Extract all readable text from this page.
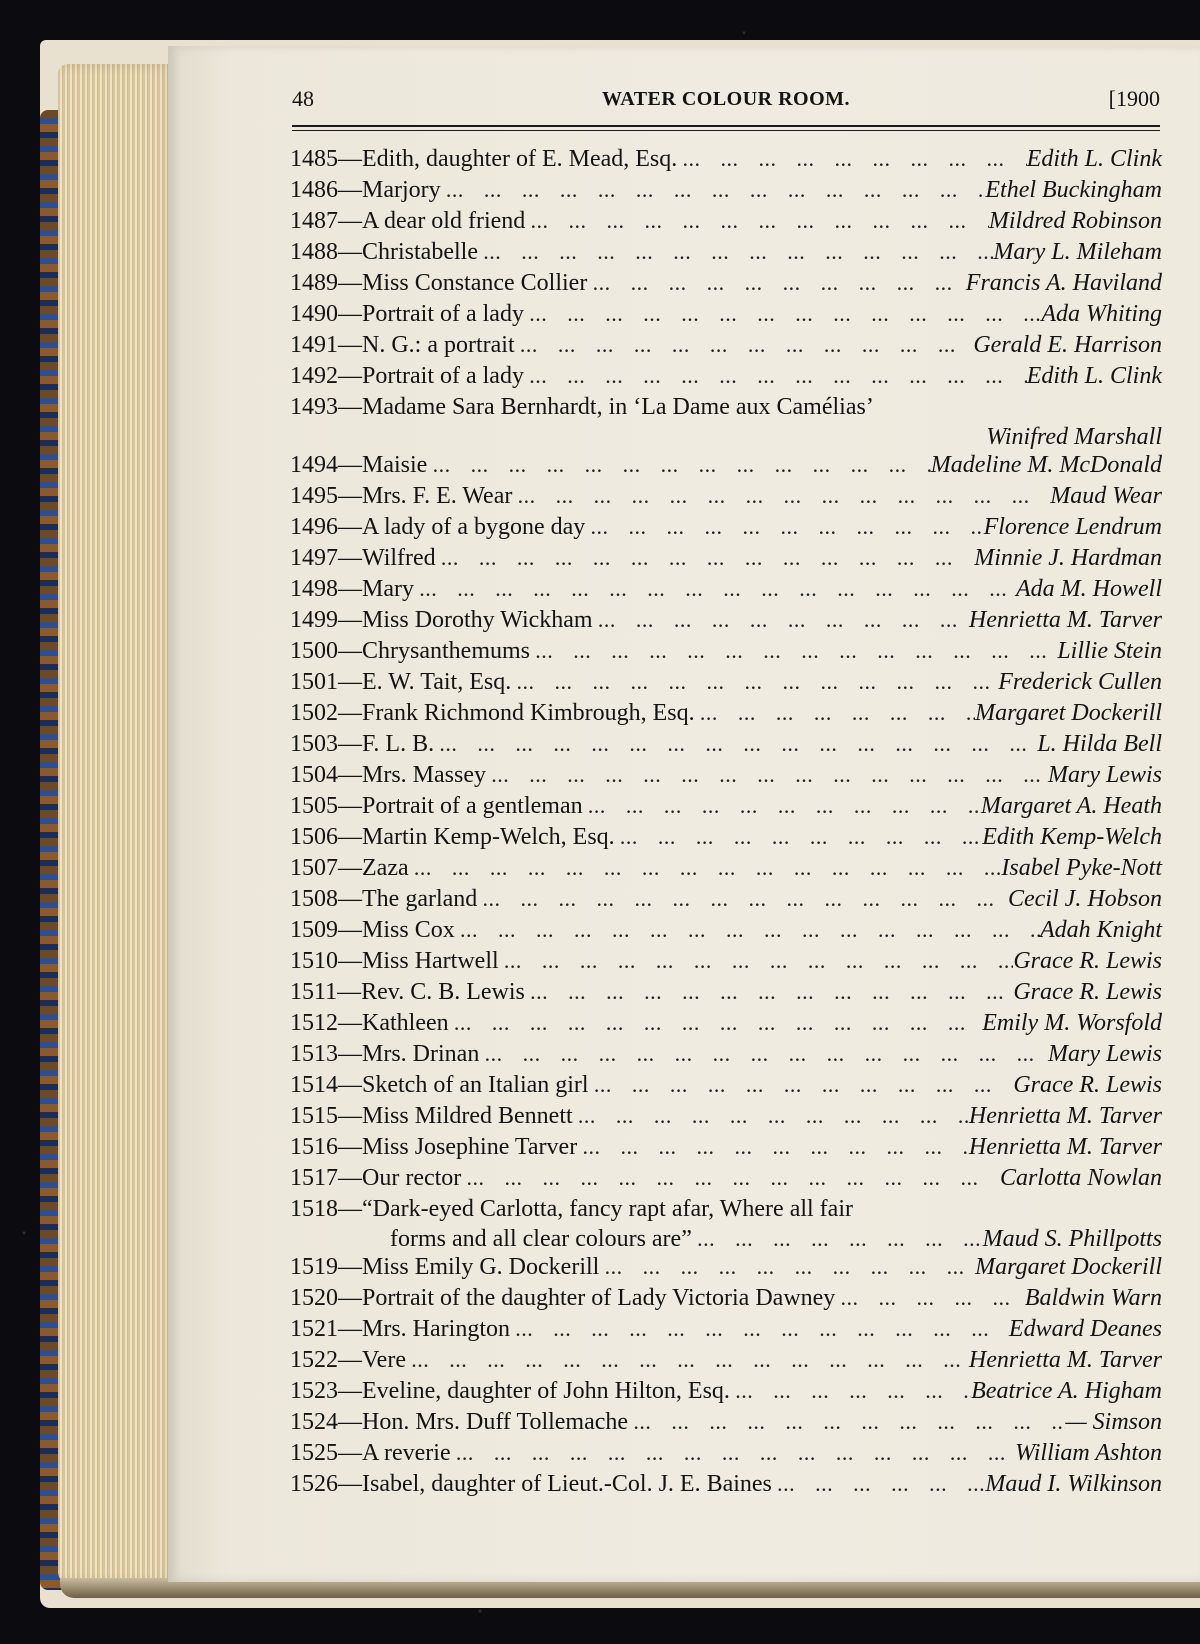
48	WATER COLOUR ROOM.	[1900
1485 — Edith, daughter of E. Mead, Esq. ...	Edith L. Clink
1486 — Marjory ...	Ethel Buckingham
1487 — A dear old friend ...	Mildred Robinson
1488 — Christabelle ...	Mary L. Mileham
1489 — Miss Constance Collier ...	Francis A. Haviland
1490 — Portrait of a lady ...	Ada Whiting
1491 — N. G.: a portrait ...	Gerald E. Harrison
1492 — Portrait of a lady ...	Edith L. Clink
1493 — Madame Sara Bernhardt, in ‘La Dame aux Camélias’
Winifred Marshall
1494 — Maisie ...	Madeline M. McDonald
1495 — Mrs. F. E. Wear ...	Maud Wear
1496 — A lady of a bygone day ...	Florence Lendrum
1497 — Wilfred ...	Minnie J. Hardman
1498 — Mary ...	Ada M. Howell
1499 — Miss Dorothy Wickham ...	Henrietta M. Tarver
1500 — Chrysanthemums ...	Lillie Stein
1501 — E. W. Tait, Esq. ...	Frederick Cullen
1502 — Frank Richmond Kimbrough, Esq. ...	Margaret Dockerill
1503 — F. L. B. ...	L. Hilda Bell
1504 — Mrs. Massey ...	Mary Lewis
1505 — Portrait of a gentleman ...	Margaret A. Heath
1506 — Martin Kemp-Welch, Esq. ...	Edith Kemp-Welch
1507 — Zaza ...	Isabel Pyke-Nott
1508 — The garland ...	Cecil J. Hobson
1509 — Miss Cox ...	Adah Knight
1510 — Miss Hartwell ...	Grace R. Lewis
1511 — Rev. C. B. Lewis ...	Grace R. Lewis
1512 — Kathleen ...	Emily M. Worsfold
1513 — Mrs. Drinan ...	Mary Lewis
1514 — Sketch of an Italian girl ...	Grace R. Lewis
1515 — Miss Mildred Bennett ...	Henrietta M. Tarver
1516 — Miss Josephine Tarver ...	Henrietta M. Tarver
1517 — Our rector ...	Carlotta Nowlan
1518 — “Dark-eyed Carlotta, fancy rapt afar, Where all fair
forms and all clear colours are” ...	Maud S. Phillpotts
1519 — Miss Emily G. Dockerill ...	Margaret Dockerill
1520 — Portrait of the daughter of Lady Victoria Dawney ...	Baldwin Warn
1521 — Mrs. Harington ...	Edward Deanes
1522 — Vere ...	Henrietta M. Tarver
1523 — Eveline, daughter of John Hilton, Esq. ...	Beatrice A. Higham
1524 — Hon. Mrs. Duff Tollemache ...	— Simson
1525 — A reverie ...	William Ashton
1526 — Isabel, daughter of Lieut.-Col. J. E. Baines ...	Maud I. Wilkinson
